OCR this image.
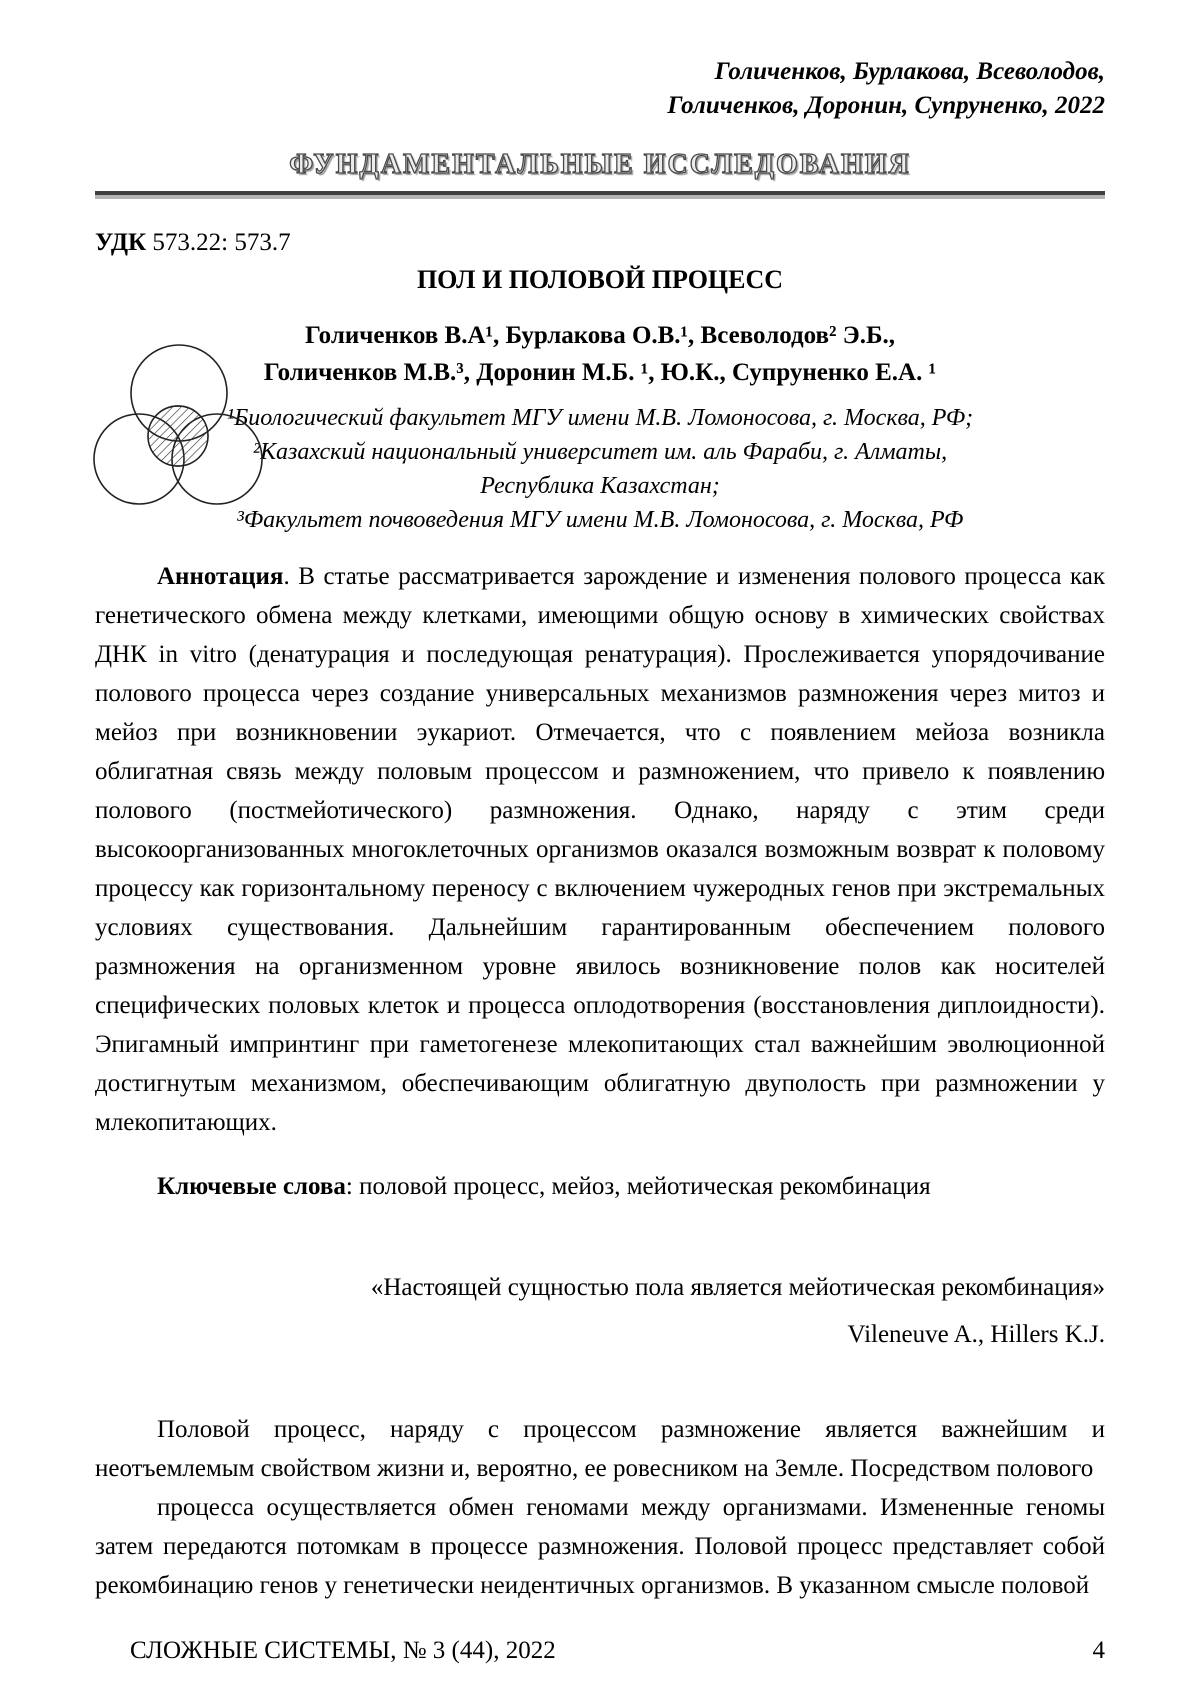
Голиченков, Бурлакова, Всеволодов,
Голиченков, Доронин, Супруненко, 2022
ФУНДАМЕНТАЛЬНЫЕ ИССЛЕДОВАНИЯ
УДК 573.22: 573.7
ПОЛ И ПОЛОВОЙ ПРОЦЕСС
Голиченков В.А¹, Бурлакова О.В.¹, Всеволодов² Э.Б.,
Голиченков М.В.³, Доронин М.Б. ¹, Ю.К., Супруненко Е.А. ¹
¹Биологический факультет МГУ имени М.В. Ломоносова, г. Москва, РФ;
²Казахский национальный университет им. аль Фараби, г. Алматы,
Республика Казахстан;
³Факультет почвоведения МГУ имени М.В. Ломоносова, г. Москва, РФ

Аннотация. В статье рассматривается зарождение и изменения полового процесса как генетического обмена между клетками, имеющими общую основу в химических свойствах ДНК in vitro (денатурация и последующая ренатурация). Прослеживается упорядочивание полового процесса через создание универсальных механизмов размножения через митоз и мейоз при возникновении эукариот. Отмечается, что с появлением мейоза возникла облигатная связь между половым процессом и размножением, что привело к появлению полового (постмейотического) размножения. Однако, наряду с этим среди высокоорганизованных многоклеточных организмов оказался возможным возврат к половому процессу как горизонтальному переносу с включением чужеродных генов при экстремальных условиях существования. Дальнейшим гарантированным обеспечением полового размножения на организменном уровне явилось возникновение полов как носителей специфических половых клеток и процесса оплодотворения (восстановления диплоидности). Эпигамный импринтинг при гаметогенезе млекопитающих стал важнейшим эволюционной достигнутым механизмом, обеспечивающим облигатную двуполость при размножении у млекопитающих.

Ключевые слова: половой процесс, мейоз, мейотическая рекомбинация

«Настоящей сущностью пола является мейотическая рекомбинация»
Vileneuve A., Hillers K.J.

Половой процесс, наряду с процессом размножение является важнейшим и неотъемлемым свойством жизни и, вероятно, ее ровесником на Земле. Посредством полового

процесса осуществляется обмен геномами между организмами. Измененные геномы затем передаются потомкам в процессе размножения. Половой процесс представляет собой рекомбинацию генов у генетически неидентичных организмов. В указанном смысле половой

СЛОЖНЫЕ СИСТЕМЫ, № 3 (44), 2022	4
